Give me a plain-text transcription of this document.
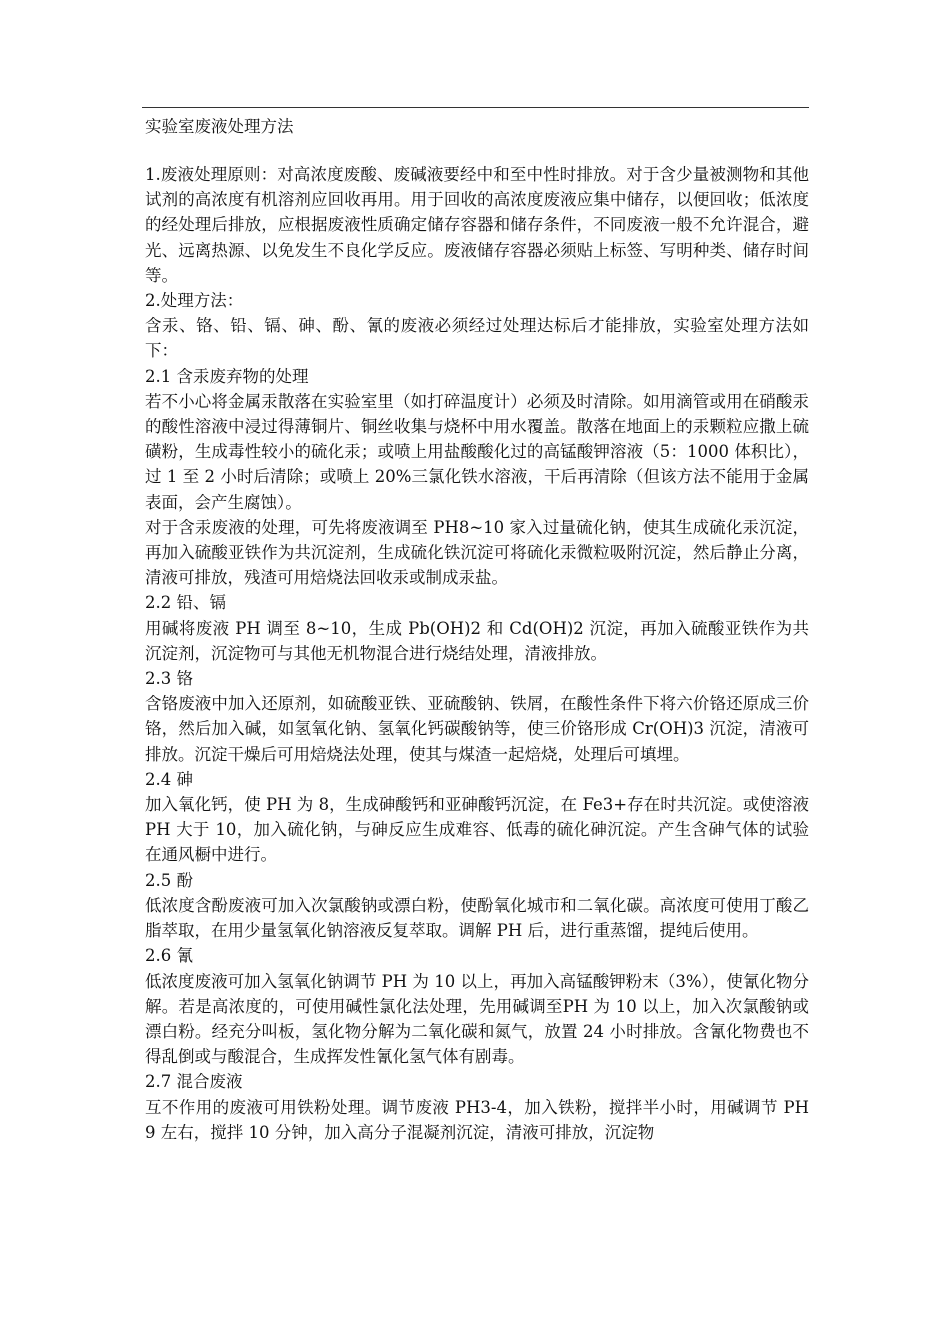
实验室废液处理方法

1.废液处理原则：对高浓度废酸、废碱液要经中和至中性时排放。对于含少量被测物和其他试剂的高浓度有机溶剂应回收再用。用于回收的高浓度废液应集中储存，以便回收；低浓度的经处理后排放，应根据废液性质确定储存容器和储存条件，不同废液一般不允许混合，避光、远离热源、以免发生不良化学反应。废液储存容器必须贴上标签、写明种类、储存时间等。

2.处理方法：

含汞、铬、铅、镉、砷、酚、氰的废液必须经过处理达标后才能排放，实验室处理方法如下：

2.1 含汞废弃物的处理

若不小心将金属汞散落在实验室里（如打碎温度计）必须及时清除。如用滴管或用在硝酸汞的酸性溶液中浸过得薄铜片、铜丝收集与烧杯中用水覆盖。散落在地面上的汞颗粒应撒上硫磺粉，生成毒性较小的硫化汞；或喷上用盐酸酸化过的高锰酸钾溶液（5：1000 体积比），过 1 至 2 小时后清除；或喷上 20%三氯化铁水溶液，干后再清除（但该方法不能用于金属表面，会产生腐蚀）。

对于含汞废液的处理，可先将废液调至 PH8~10 家入过量硫化钠，使其生成硫化汞沉淀，再加入硫酸亚铁作为共沉淀剂，生成硫化铁沉淀可将硫化汞微粒吸附沉淀，然后静止分离，清液可排放，残渣可用焙烧法回收汞或制成汞盐。

2.2 铅、镉

用碱将废液 PH 调至 8~10，生成 Pb(OH)2 和 Cd(OH)2 沉淀，再加入硫酸亚铁作为共沉淀剂，沉淀物可与其他无机物混合进行烧结处理，清液排放。

2.3 铬

含铬废液中加入还原剂，如硫酸亚铁、亚硫酸钠、铁屑，在酸性条件下将六价铬还原成三价铬，然后加入碱，如氢氧化钠、氢氧化钙碳酸钠等，使三价铬形成 Cr(OH)3 沉淀，清液可排放。沉淀干燥后可用焙烧法处理，使其与煤渣一起焙烧，处理后可填埋。

2.4 砷

加入氧化钙，使 PH 为 8，生成砷酸钙和亚砷酸钙沉淀，在 Fe3+存在时共沉淀。或使溶液 PH 大于 10，加入硫化钠，与砷反应生成难容、低毒的硫化砷沉淀。产生含砷气体的试验在通风橱中进行。

2.5 酚

低浓度含酚废液可加入次氯酸钠或漂白粉，使酚氧化城市和二氧化碳。高浓度可使用丁酸乙脂萃取，在用少量氢氧化钠溶液反复萃取。调解 PH 后，进行重蒸馏，提纯后使用。

2.6 氰

低浓度废液可加入氢氧化钠调节 PH 为 10 以上，再加入高锰酸钾粉末（3%），使氰化物分解。若是高浓度的，可使用碱性氯化法处理，先用碱调至PH 为 10 以上，加入次氯酸钠或漂白粉。经充分叫板，氢化物分解为二氧化碳和氮气，放置 24 小时排放。含氰化物费也不得乱倒或与酸混合，生成挥发性氰化氢气体有剧毒。

2.7 混合废液

互不作用的废液可用铁粉处理。调节废液 PH3-4，加入铁粉，搅拌半小时，用碱调节 PH 9 左右，搅拌 10 分钟，加入高分子混凝剂沉淀，清液可排放，沉淀物
